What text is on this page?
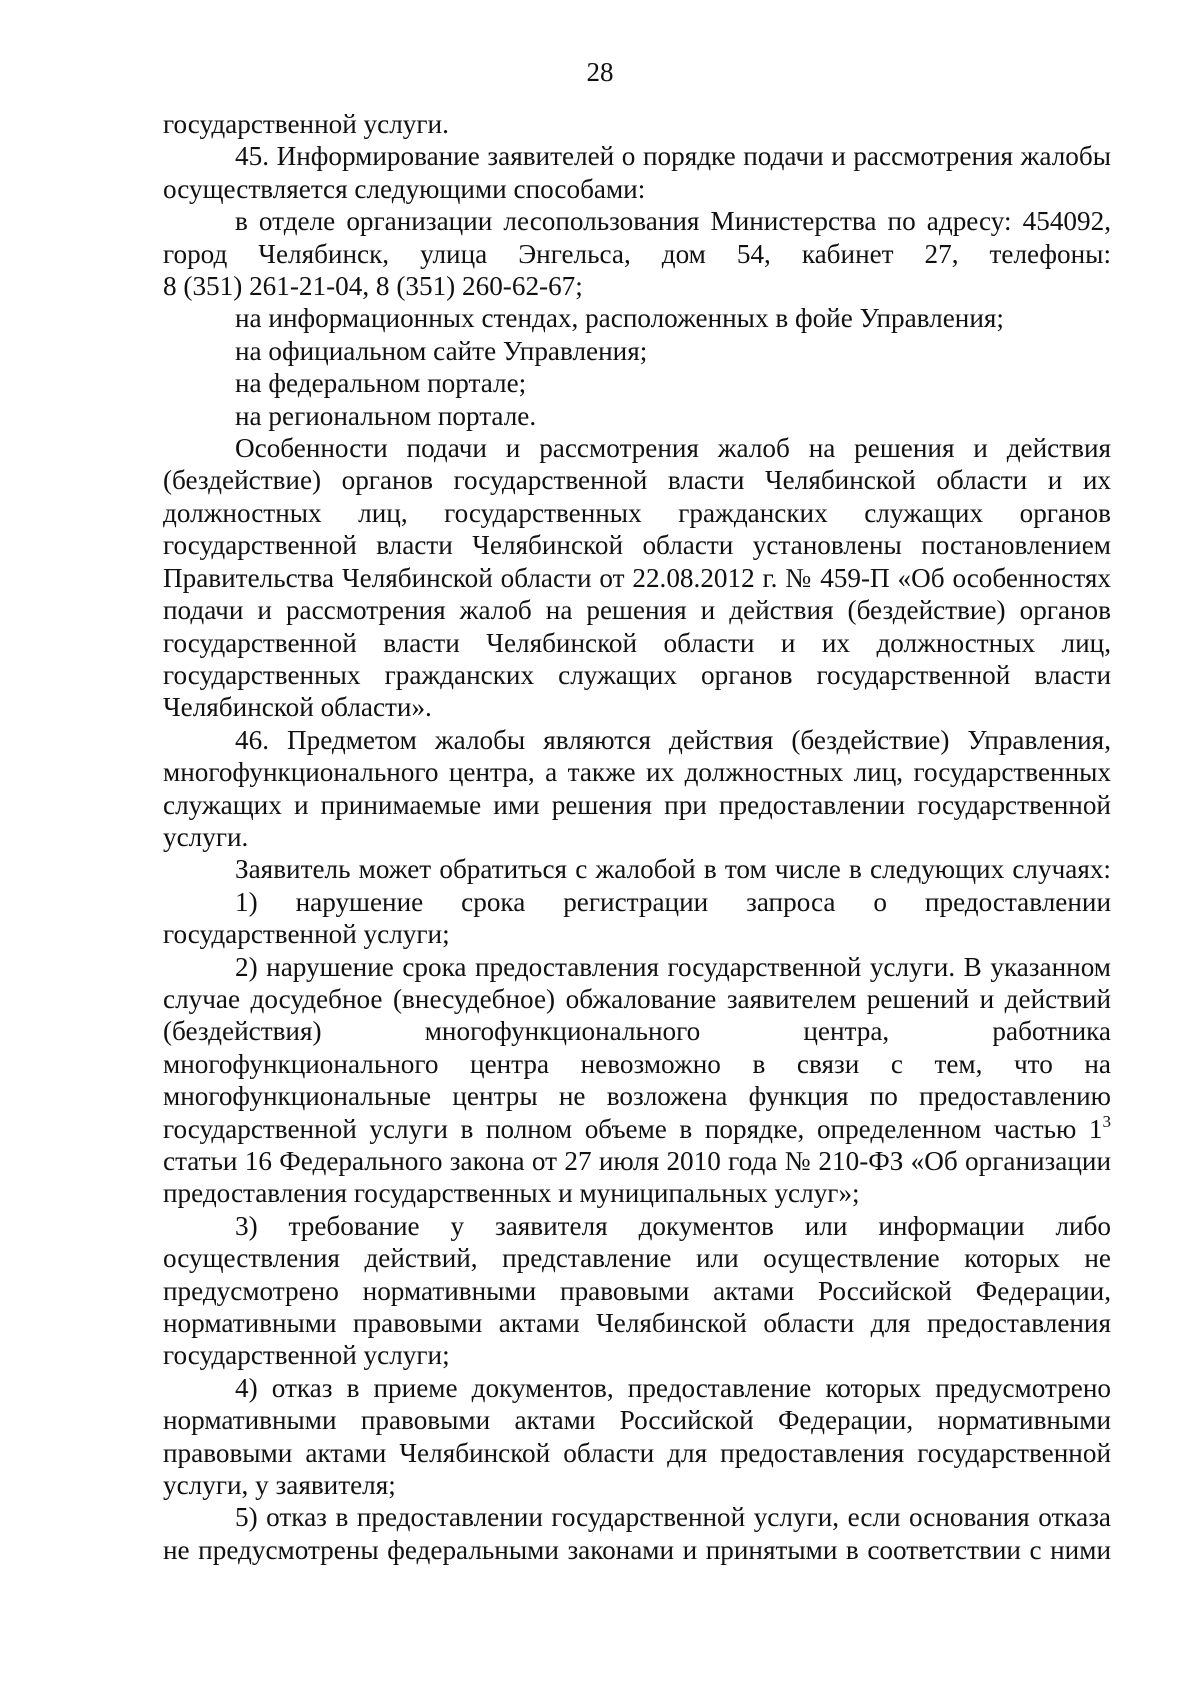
28
государственной услуги.
45. Информирование заявителей о порядке подачи и рассмотрения жалобы
осуществляется следующими способами:
в отделе организации лесопользования Министерства по адресу: 454092,
город Челябинск, улица Энгельса, дом 54, кабинет 27, телефоны:
8 (351) 261-21-04, 8 (351) 260-62-67;
на информационных стендах, расположенных в фойе Управления;
на официальном сайте Управления;
на федеральном портале;
на региональном портале.
Особенности подачи и рассмотрения жалоб на решения и действия
(бездействие) органов государственной власти Челябинской области и их
должностных лиц, государственных гражданских служащих органов
государственной власти Челябинской области установлены постановлением
Правительства Челябинской области от 22.08.2012 г. № 459-П «Об особенностях
подачи и рассмотрения жалоб на решения и действия (бездействие) органов
государственной власти Челябинской области и их должностных лиц,
государственных гражданских служащих органов государственной власти
Челябинской области».
46. Предметом жалобы являются действия (бездействие) Управления,
многофункционального центра, а также их должностных лиц, государственных
служащих и принимаемые ими решения при предоставлении государственной
услуги.
Заявитель может обратиться с жалобой в том числе в следующих случаях:
1) нарушение срока регистрации запроса о предоставлении
государственной услуги;
2) нарушение срока предоставления государственной услуги. В указанном
случае досудебное (внесудебное) обжалование заявителем решений и действий
(бездействия) многофункционального центра, работника
многофункционального центра невозможно в связи с тем, что на
многофункциональные центры не возложена функция по предоставлению
государственной услуги в полном объеме в порядке, определенном частью $1^3$
статьи 16 Федерального закона от 27 июля 2010 года № 210-ФЗ «Об организации
предоставления государственных и муниципальных услуг»;
3) требование у заявителя документов или информации либо
осуществления действий, представление или осуществление которых не
предусмотрено нормативными правовыми актами Российской Федерации,
нормативными правовыми актами Челябинской области для предоставления
государственной услуги;
4) отказ в приеме документов, предоставление которых предусмотрено
нормативными правовыми актами Российской Федерации, нормативными
правовыми актами Челябинской области для предоставления государственной
услуги, у заявителя;
5) отказ в предоставлении государственной услуги, если основания отказа
не предусмотрены федеральными законами и принятыми в соответствии с ними
